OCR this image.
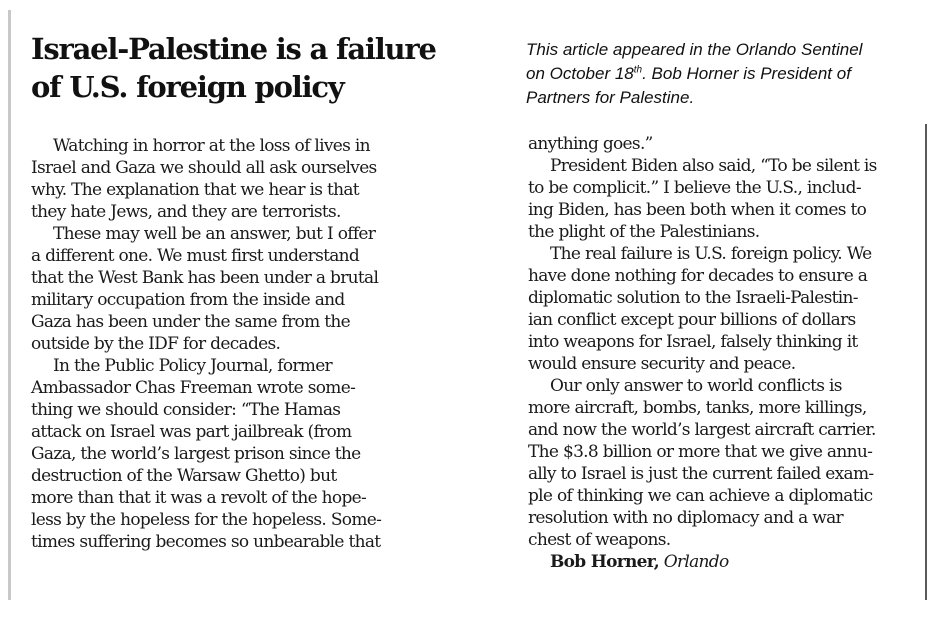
Israel-Palestine is a failure
of U.S. foreign policy
This article appeared in the Orlando Sentinel
on October 18th. Bob Horner is President of
Partners for Palestine.
Watching in horror at the loss of lives in
Israel and Gaza we should all ask ourselves
why. The explanation that we hear is that
they hate Jews, and they are terrorists.
These may well be an answer, but I offer
a different one. We must first understand
that the West Bank has been under a brutal
military occupation from the inside and
Gaza has been under the same from the
outside by the IDF for decades.
In the Public Policy Journal, former
Ambassador Chas Freeman wrote some-
thing we should consider: “The Hamas
attack on Israel was part jailbreak (from
Gaza, the world’s largest prison since the
destruction of the Warsaw Ghetto) but
more than that it was a revolt of the hope-
less by the hopeless for the hopeless. Some-
times suffering becomes so unbearable that
anything goes.”
President Biden also said, “To be silent is
to be complicit.” I believe the U.S., includ-
ing Biden, has been both when it comes to
the plight of the Palestinians.
The real failure is U.S. foreign policy. We
have done nothing for decades to ensure a
diplomatic solution to the Israeli-Palestin-
ian conflict except pour billions of dollars
into weapons for Israel, falsely thinking it
would ensure security and peace.
Our only answer to world conflicts is
more aircraft, bombs, tanks, more killings,
and now the world’s largest aircraft carrier.
The $3.8 billion or more that we give annu-
ally to Israel is just the current failed exam-
ple of thinking we can achieve a diplomatic
resolution with no diplomacy and a war
chest of weapons.
Bob Horner, Orlando
